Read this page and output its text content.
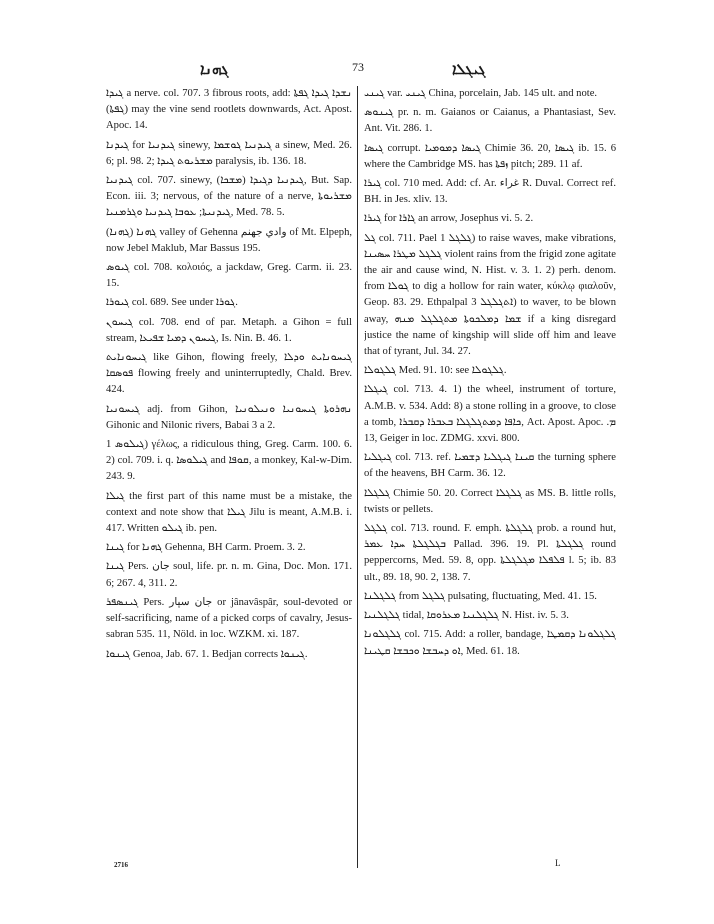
ܓܗܢܐ	73	ܓܝܓܠܐ

ܓܝܕܐ a nerve. col. 707. 3 fibrous roots, add: ܢܫܕܐ ܓܝܕܐ ܓܦܬܐ (ܓܦܬܐ) may the vine send rootlets downwards, Act. Apost. Apoc. 14.

ܓܝܕܢܐ for ܓܝܕܢܝܐ sinewy, ܓܝܕܢܝܐ ܓܘܫܡܐ a sinew, Med. 26. 6; pl. 98. 2; ܡܫܪܝܘܬ ܓܝܕܐ paralysis, ib. 136. 18.

ܓܝܕܢܝܐ col. 707. sinewy, ܓܝܕܢܝܐ ܕܓܝܕܐ (ܡܫܟܐ), But. Sap. Econ. iii. 3; nervous, of the nature of a nerve, ܡܫܪܝܘܬܐ ܓܝܕܢܝܬܐ; ܥܘܒܐ ܓܝܕܢܝܐ ܘܓܪܡܢܝܐ, Med. 78. 5.

ܓܗܢܐ (ܓܗܢܐ) valley of Gehenna وادي جهنم of Mt. Elpeph, now Jebel Maklub, Mar Bassus 195.

ܓܝܘܣ col. 708. κολοιός, a jackdaw, Greg. Carm. ii. 23. 15.

ܓܝܘܪܐ col. 689. See under ܓܘܪܐ.

ܓܝܚܘܢ col. 708. end of par. Metaph. a Gihon = full stream, ܓܝܚܘܢ ܕܡܝܐ ܫܦܝܥܐ, Is. Nin. B. 46. 1.

ܓܝܚܘܢܐܝܬ like Gihon, flowing freely, ܓܝܚܘܢܐܝܬ ܘܕܠܐ ܦܘܣܩܐ flowing freely and uninterruptedly, Chald. Brev. 424.

ܓܝܚܘܢܝܐ adj. from Gihon, ܢܗܪܘܬܐ ܓܝܚܘܢܝܐ ܘܢܝܠܘܢܝܐ Gihonic and Nilonic rivers, Babai 3 a 2.

ܓܝܠܘܣ 1) γέλως, a ridiculous thing, Greg. Carm. 100. 6. 2) col. 709. i. q. ܓܝܠܘܣܐ and ܩܘܦܐ, a monkey, Kal-w-Dim. 243. 9.

ܓܝܠܐ the first part of this name must be a mistake, the context and note show that ܓܝܠܐ Jilu is meant, A.M.B. i. 417. Written ܓܝܠܘ ib. pen.

ܓܝܢܐ for ܓܗܢܐ Gehenna, BH Carm. Proem. 3. 2.

ܓܝܢܐ Pers. جان soul, life. pr. n. m. Gina, Doc. Mon. 171. 6; 267. 4, 311. 2.

ܓܝܢܣܦܪ Pers. جان سپار or jânavâspâr, soul-devoted or self-sacrificing, name of a picked corps of cavalry, Jesus-sabran 535. 11, Nöld. in loc. WZKM. xi. 187.

ܓܝܢܘܐ Genoa, Jab. 67. 1. Bedjan corrects ܓܝܢܘܐ.

ܓܝܢܝ var. ܓܝܢܝ China, porcelain, Jab. 145 ult. and note.

ܓܝܢܘܣ pr. n. m. Gaianos or Caianus, a Phantasiast, Sev. Ant. Vit. 286. 1.

ܓܝܣܐ corrupt. ܓܝܣܐ ܕܡܘܡܝܐ Chimie 36. 20, ܓܝܣܐ ib. 15. 6 where the Cambridge MS. has ܙܦܬܐ pitch; 289. 11 af.

ܓܝܪܐ col. 710 med. Add: cf. Ar. غراء R. Duval. Correct ref. BH. in Jes. xliv. 13.

ܓܝܪܐ for ܓܐܪܐ an arrow, Josephus vi. 5. 2.

ܓܠ col. 711. Pael ܓܠܓܠ 1) to raise waves, make vibrations, ܓܠܓܠ ܡܛܪܐ ܚܣܝܢܐ violent rains from the frigid zone agitate the air and cause wind, N. Hist. v. 3. 1. 2) perh. denom. from ܓܘܠܐ to dig a hollow for rain water, κύκλῳ φιαλοῦν, Geop. 83. 29. Ethpalpal ܐܬܓܠܓܠ 3) to waver, to be blown away, ܫܡܐ ܕܡܠܟܘܬܐ ܡܬܓܠܓܠ ܡܢܗ if a king disregard justice the name of kingship will slide off him and leave that of tyrant, Jul. 34. 27.

ܓܠܓܘܠܐ Med. 91. 10: see ܓܠܓܘܠܐ.

ܓܝܓܠܐ col. 713. 4. 1) the wheel, instrument of torture, A.M.B. v. 534. Add: 8) a stone rolling in a groove, to close a tomb, ܟܐܦܐ ܕܡܬܓܠܓܠܐ ܒܥܒܪܐ ܕܩܒܪܐ, Act. Apost. Apoc. ܡ. 13, Geiger in loc. ZDMG. xxvi. 800.

ܓܝܓܠܝܐ col. 713. ref. ܩܝܢܐ ܓܝܓܠܝܐ ܕܫܡܝܐ the turning sphere of the heavens, BH Carm. 36. 12.

ܓܠܓܠܐ Chimie 50. 20. Correct ܓܠܓܠܐ as MS. B. little rolls, twists or pellets.

ܓܠܓܠ col. 713. round. F. emph. ܓܠܓܠܬܐ prob. a round hut, ܒܓܠܓܠܬܐ ܚܕܐ ܥܡܪ Pallad. 396. 19. Pl. ܓܠܓܠܬܐ round peppercorns, Med. 59. 8, opp. ܦܠܦܠܐ ܡܓܠܓܠܬܐ l. 5; ib. 83 ult., 89. 18, 90. 2, 138. 7.

ܓܠܓܠܢܐ from ܓܠܓܠ pulsating, fluctuating, Med. 41. 15.

ܓܠܓܠܢܝܐ tidal, ܓܠܓܠܢܝܐ ܡܥܪܘܩܐ N. Hist. iv. 5. 3.

ܓܠܓܠܘܢܐ col. 715. Add: a roller, bandage, ܓܠܓܠܘܢܐ ܕܩܡܛܐ ܐܘ ܕܚܒܫܐ ܘܟܒܫܐ ܩܛܝܢܐ, Med. 61. 18.

2716	L
